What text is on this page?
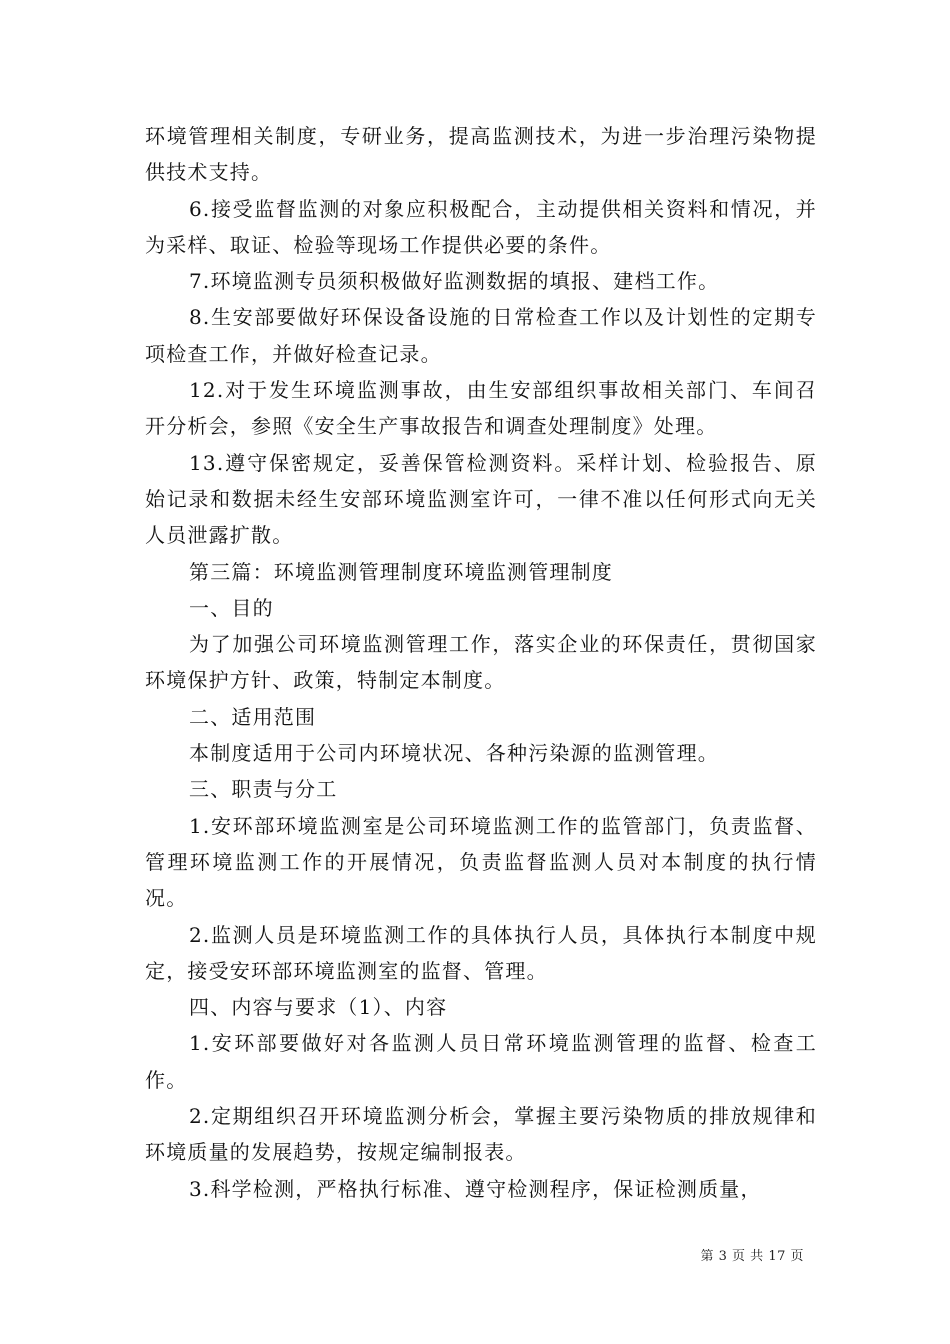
环境管理相关制度，专研业务，提高监测技术，为进一步治理污染物提供技术支持。

6.接受监督监测的对象应积极配合，主动提供相关资料和情况，并为采样、取证、检验等现场工作提供必要的条件。

7.环境监测专员须积极做好监测数据的填报、建档工作。

8.生安部要做好环保设备设施的日常检查工作以及计划性的定期专项检查工作，并做好检查记录。

12.对于发生环境监测事故，由生安部组织事故相关部门、车间召开分析会，参照《安全生产事故报告和调查处理制度》处理。

13.遵守保密规定，妥善保管检测资料。采样计划、检验报告、原始记录和数据未经生安部环境监测室许可，一律不准以任何形式向无关人员泄露扩散。

第三篇：环境监测管理制度环境监测管理制度

一、目的

为了加强公司环境监测管理工作，落实企业的环保责任，贯彻国家环境保护方针、政策，特制定本制度。

二、适用范围

本制度适用于公司内环境状况、各种污染源的监测管理。

三、职责与分工

1.安环部环境监测室是公司环境监测工作的监管部门，负责监督、管理环境监测工作的开展情况，负责监督监测人员对本制度的执行情况。

2.监测人员是环境监测工作的具体执行人员，具体执行本制度中规定，接受安环部环境监测室的监督、管理。

四、内容与要求（1）、内容

1.安环部要做好对各监测人员日常环境监测管理的监督、检查工作。

2.定期组织召开环境监测分析会，掌握主要污染物质的排放规律和环境质量的发展趋势，按规定编制报表。

3.科学检测，严格执行标准、遵守检测程序，保证检测质量，

第 3 页 共 17 页
